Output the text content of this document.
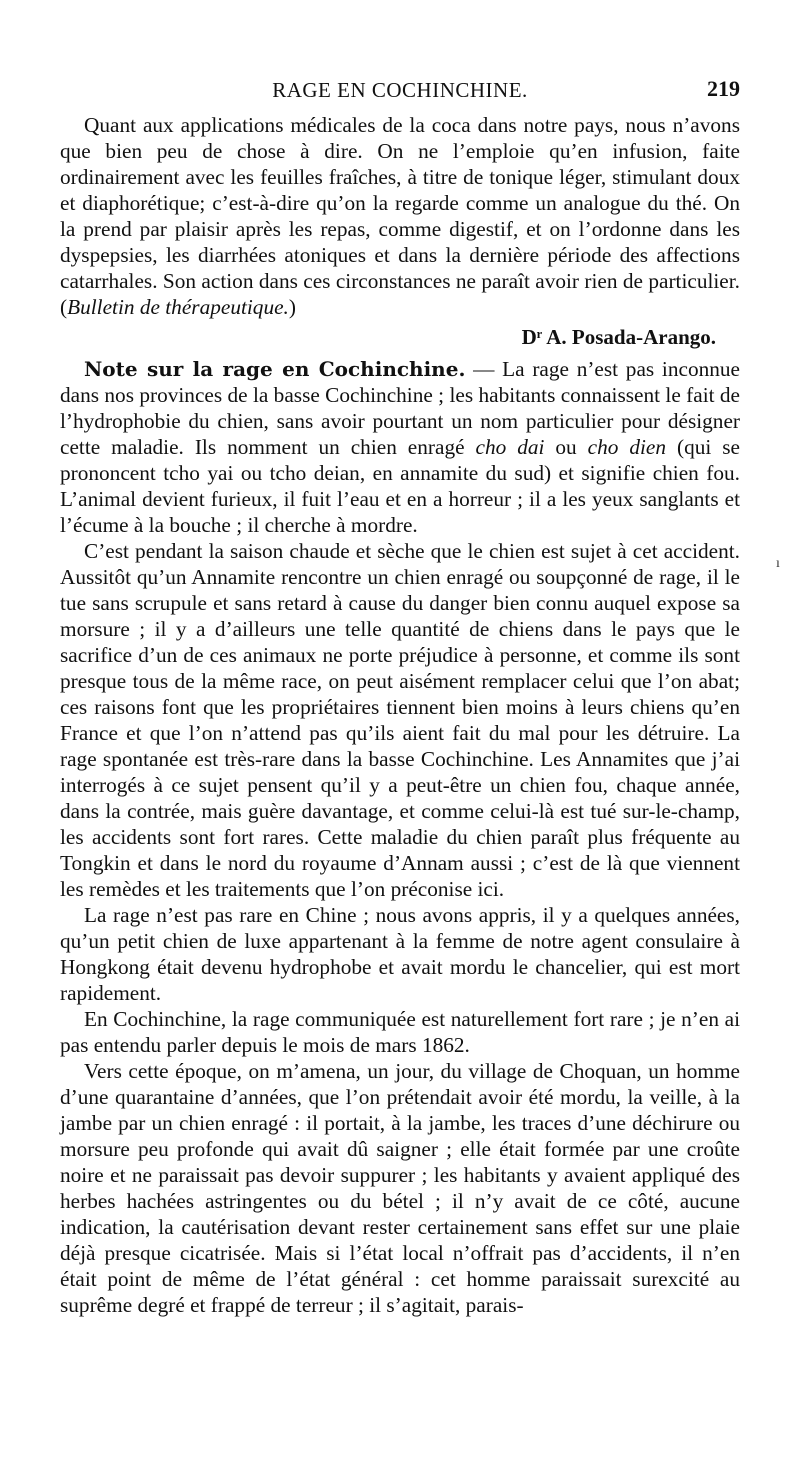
RAGE EN COCHINCHINE.	219

Quant aux applications médicales de la coca dans notre pays, nous n’avons que bien peu de chose à dire. On ne l’emploie qu’en infusion, faite ordinairement avec les feuilles fraîches, à titre de tonique léger, stimulant doux et diaphorétique; c’est-à-dire qu’on la regarde comme un analogue du thé. On la prend par plaisir après les repas, comme digestif, et on l’ordonne dans les dyspepsies, les diarrhées atoniques et dans la dernière période des affections catarrhales. Son action dans ces circonstances ne paraît avoir rien de particulier. (Bulletin de thérapeutique.)

Dʳ A. Posada-Arango.

Note sur la rage en Cochinchine. — La rage n’est pas inconnue dans nos provinces de la basse Cochinchine ; les habitants connaissent le fait de l’hydrophobie du chien, sans avoir pourtant un nom particulier pour désigner cette maladie. Ils nomment un chien enragé cho dai ou cho dien (qui se prononcent tcho yai ou tcho deian, en annamite du sud) et signifie chien fou. L’animal devient furieux, il fuit l’eau et en a horreur ; il a les yeux sanglants et l’écume à la bouche ; il cherche à mordre.

C’est pendant la saison chaude et sèche que le chien est sujet à cet accident. Aussitôt qu’un Annamite rencontre un chien enragé ou soupçonné de rage, il le tue sans scrupule et sans retard à cause du danger bien connu auquel expose sa morsure ; il y a d’ailleurs une telle quantité de chiens dans le pays que le sacrifice d’un de ces animaux ne porte préjudice à personne, et comme ils sont presque tous de la même race, on peut aisément remplacer celui que l’on abat; ces raisons font que les propriétaires tiennent bien moins à leurs chiens qu’en France et que l’on n’attend pas qu’ils aient fait du mal pour les détruire. La rage spontanée est très-rare dans la basse Cochinchine. Les Annamites que j’ai interrogés à ce sujet pensent qu’il y a peut-être un chien fou, chaque année, dans la contrée, mais guère davantage, et comme celui-là est tué sur-le-champ, les accidents sont fort rares. Cette maladie du chien paraît plus fréquente au Tongkin et dans le nord du royaume d’Annam aussi ; c’est de là que viennent les remèdes et les traitements que l’on préconise ici.

La rage n’est pas rare en Chine ; nous avons appris, il y a quelques années, qu’un petit chien de luxe appartenant à la femme de notre agent consulaire à Hongkong était devenu hydrophobe et avait mordu le chancelier, qui est mort rapidement.

En Cochinchine, la rage communiquée est naturellement fort rare ; je n’en ai pas entendu parler depuis le mois de mars 1862.

Vers cette époque, on m’amena, un jour, du village de Choquan, un homme d’une quarantaine d’années, que l’on prétendait avoir été mordu, la veille, à la jambe par un chien enragé : il portait, à la jambe, les traces d’une déchirure ou morsure peu profonde qui avait dû saigner ; elle était formée par une croûte noire et ne paraissait pas devoir suppurer ; les habitants y avaient appliqué des herbes hachées astringentes ou du bétel ; il n’y avait de ce côté, aucune indication, la cautérisation devant rester certainement sans effet sur une plaie déjà presque cicatrisée. Mais si l’état local n’offrait pas d’accidents, il n’en était point de même de l’état général : cet homme paraissait surexcité au suprême degré et frappé de terreur ; il s’agitait, parais-

ı
